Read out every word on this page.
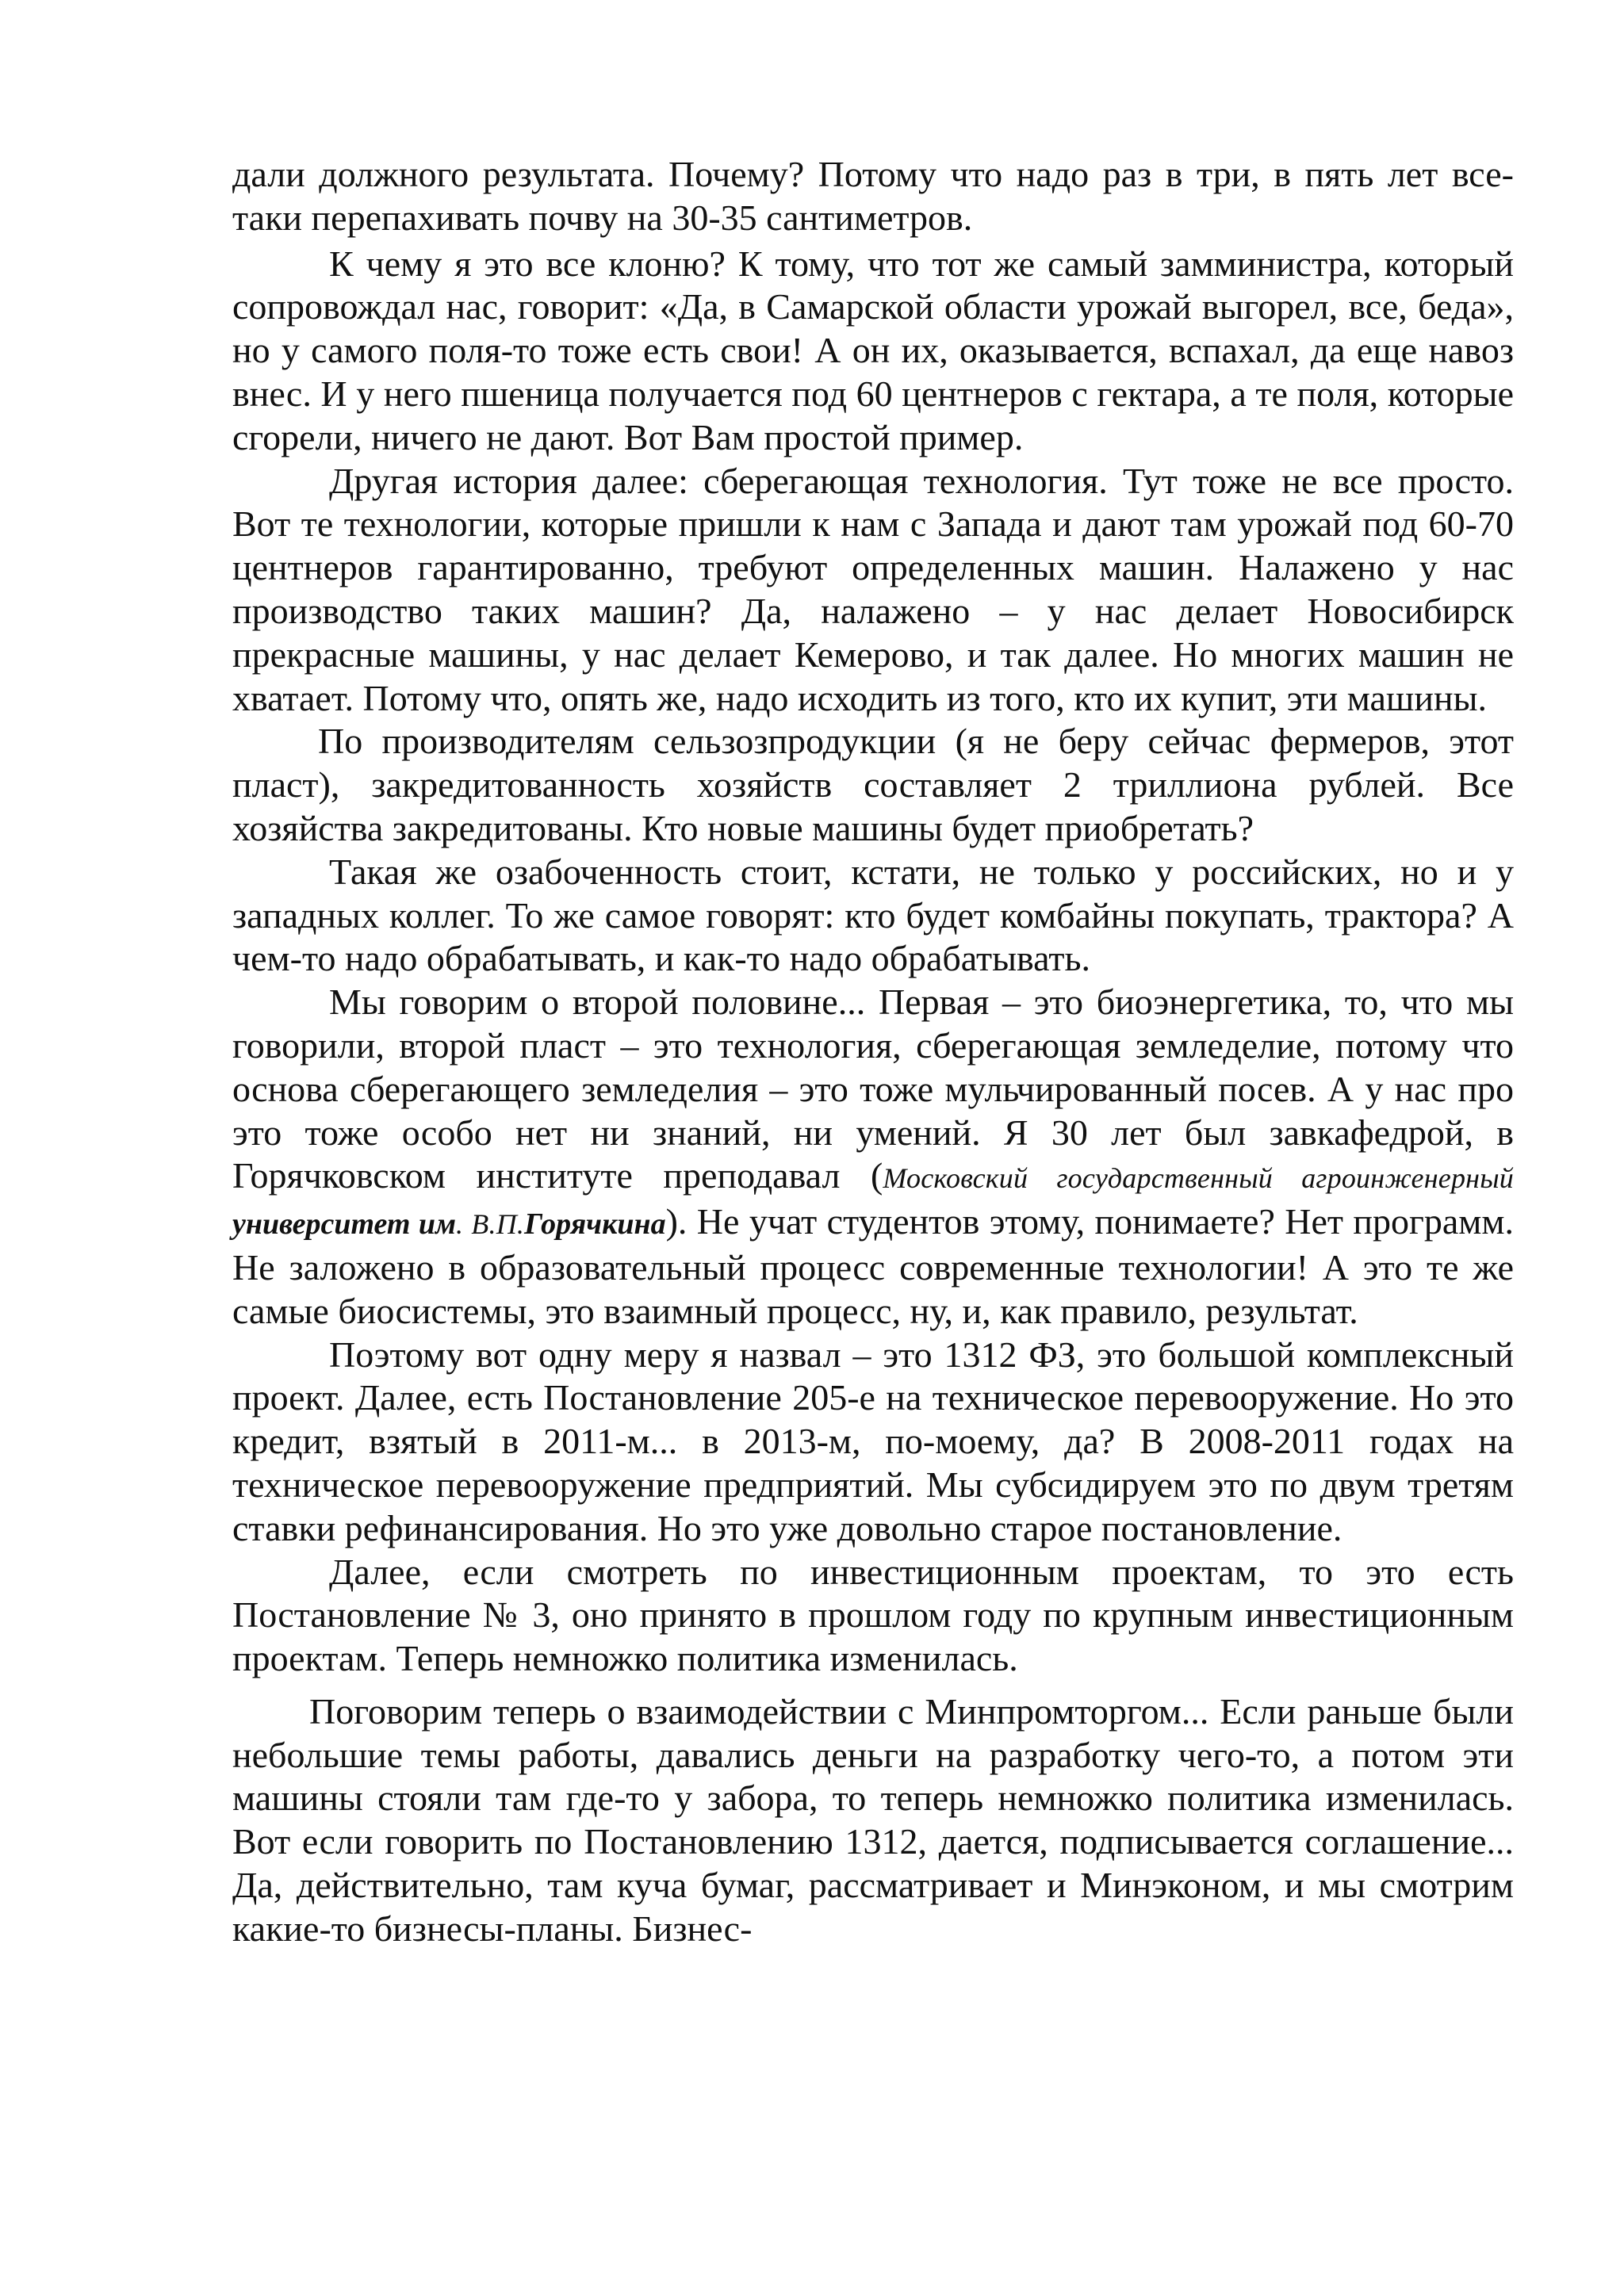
дали должного результата. Почему? Потому что надо раз в три, в пять лет все-таки перепахивать почву на 30-35 сантиметров.

К чему я это все клоню? К тому, что тот же самый замминистра, который сопровождал нас, говорит: «Да, в Самарской области урожай выгорел, все, беда», но у самого поля-то тоже есть свои! А он их, оказывается, вспахал, да еще навоз внес. И у него пшеница получается под 60 центнеров с гектара, а те поля, которые сгорели, ничего не дают. Вот Вам простой пример.

Другая история далее: сберегающая технология. Тут тоже не все просто. Вот те технологии, которые пришли к нам с Запада и дают там урожай под 60-70 центнеров гарантированно, требуют определенных машин. Налажено у нас производство таких машин? Да, налажено – у нас делает Новосибирск прекрасные машины, у нас делает Кемерово, и так далее. Но многих машин не хватает. Потому что, опять же, надо исходить из того, кто их купит, эти машины.

По производителям сельзозпродукции (я не беру сейчас фермеров, этот пласт), закредитованность хозяйств составляет 2 триллиона рублей. Все хозяйства закредитованы. Кто новые машины будет приобретать?

Такая же озабоченность стоит, кстати, не только у российских, но и у западных коллег. То же самое говорят: кто будет комбайны покупать, трактора? А чем-то надо обрабатывать, и как-то надо обрабатывать.

Мы говорим о второй половине... Первая – это биоэнергетика, то, что мы говорили, второй пласт – это технология, сберегающая земледелие, потому что основа сберегающего земледелия – это тоже мульчированный посев. А у нас про это тоже особо нет ни знаний, ни умений. Я 30 лет был завкафедрой, в Горячковском институте преподавал (Московский государственный агроинженерный университет им. В.П.Горячкина). Не учат студентов этому, понимаете? Нет программ. Не заложено в образовательный процесс современные технологии! А это те же самые биосистемы, это взаимный процесс, ну, и, как правило, результат.

Поэтому вот одну меру я назвал – это 1312 ФЗ, это большой комплексный проект. Далее, есть Постановление 205-е на техническое перевооружение. Но это кредит, взятый в 2011-м... в 2013-м, по-моему, да? В 2008-2011 годах на техническое перевооружение предприятий. Мы субсидируем это по двум третям ставки рефинансирования. Но это уже довольно старое постановление.

Далее, если смотреть по инвестиционным проектам, то это есть Постановление № 3, оно принято в прошлом году по крупным инвестиционным проектам. Теперь немножко политика изменилась.

Поговорим теперь о взаимодействии с Минпромторгом... Если раньше были небольшие темы работы, давались деньги на разработку чего-то, а потом эти машины стояли там где-то у забора, то теперь немножко политика изменилась. Вот если говорить по Постановлению 1312, дается, подписывается соглашение... Да, действительно, там куча бумаг, рассматривает и Минэконом, и мы смотрим какие-то бизнесы-планы. Бизнес-
